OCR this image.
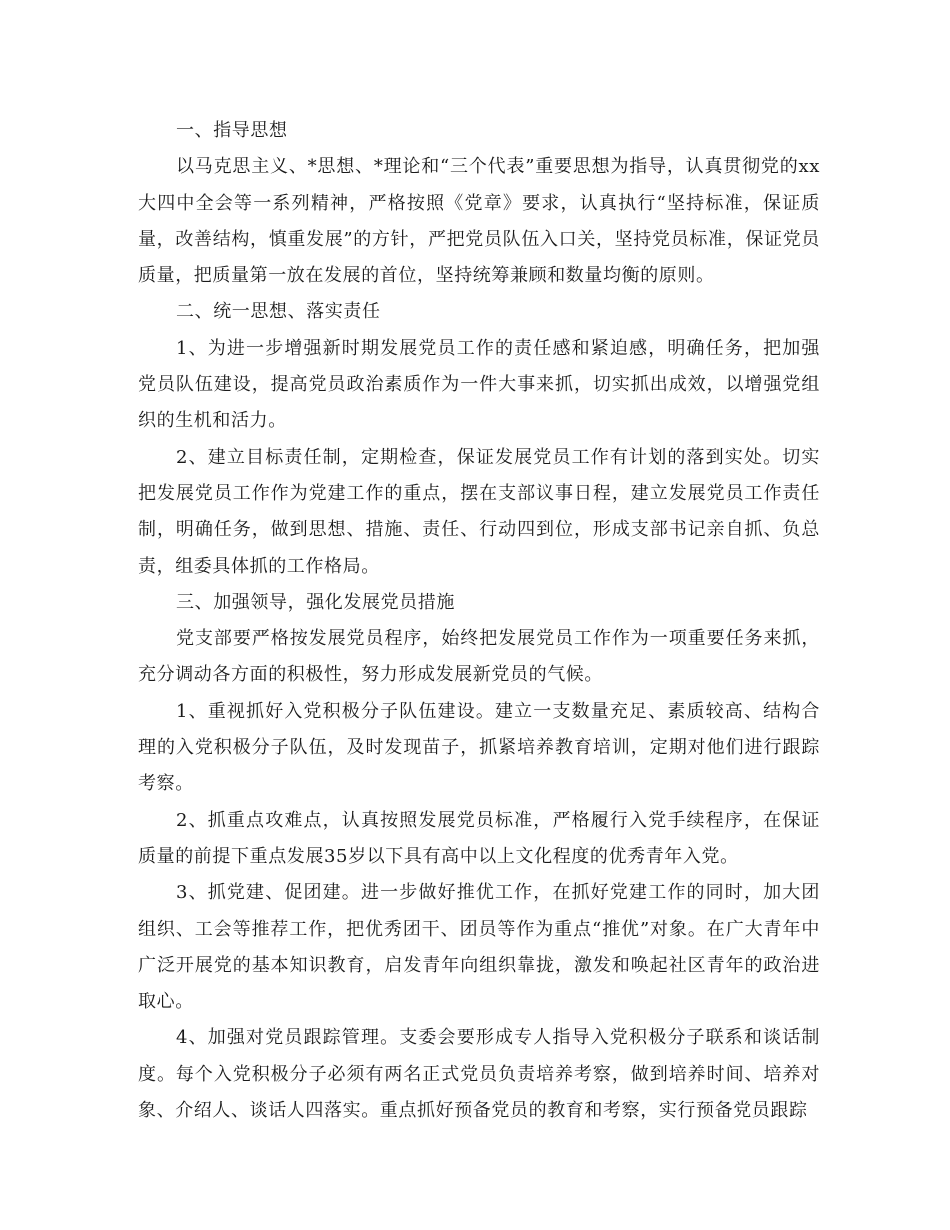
一、指导思想

以马克思主义、*思想、*理论和“三个代表”重要思想为指导，认真贯彻党的xx大四中全会等一系列精神，严格按照《党章》要求，认真执行“坚持标准，保证质量，改善结构，慎重发展”的方针，严把党员队伍入口关，坚持党员标准，保证党员质量，把质量第一放在发展的首位，坚持统筹兼顾和数量均衡的原则。

二、统一思想、落实责任

1、为进一步增强新时期发展党员工作的责任感和紧迫感，明确任务，把加强党员队伍建设，提高党员政治素质作为一件大事来抓，切实抓出成效，以增强党组织的生机和活力。

2、建立目标责任制，定期检查，保证发展党员工作有计划的落到实处。切实把发展党员工作作为党建工作的重点，摆在支部议事日程，建立发展党员工作责任制，明确任务，做到思想、措施、责任、行动四到位，形成支部书记亲自抓、负总责，组委具体抓的工作格局。

三、加强领导，强化发展党员措施

党支部要严格按发展党员程序，始终把发展党员工作作为一项重要任务来抓，充分调动各方面的积极性，努力形成发展新党员的气候。

1、重视抓好入党积极分子队伍建设。建立一支数量充足、素质较高、结构合理的入党积极分子队伍，及时发现苗子，抓紧培养教育培训，定期对他们进行跟踪考察。

2、抓重点攻难点，认真按照发展党员标准，严格履行入党手续程序，在保证质量的前提下重点发展35岁以下具有高中以上文化程度的优秀青年入党。

3、抓党建、促团建。进一步做好推优工作，在抓好党建工作的同时，加大团组织、工会等推荐工作，把优秀团干、团员等作为重点“推优”对象。在广大青年中广泛开展党的基本知识教育，启发青年向组织靠拢，激发和唤起社区青年的政治进取心。

4、加强对党员跟踪管理。支委会要形成专人指导入党积极分子联系和谈话制度。每个入党积极分子必须有两名正式党员负责培养考察，做到培养时间、培养对象、介绍人、谈话人四落实。重点抓好预备党员的教育和考察，实行预备党员跟踪
